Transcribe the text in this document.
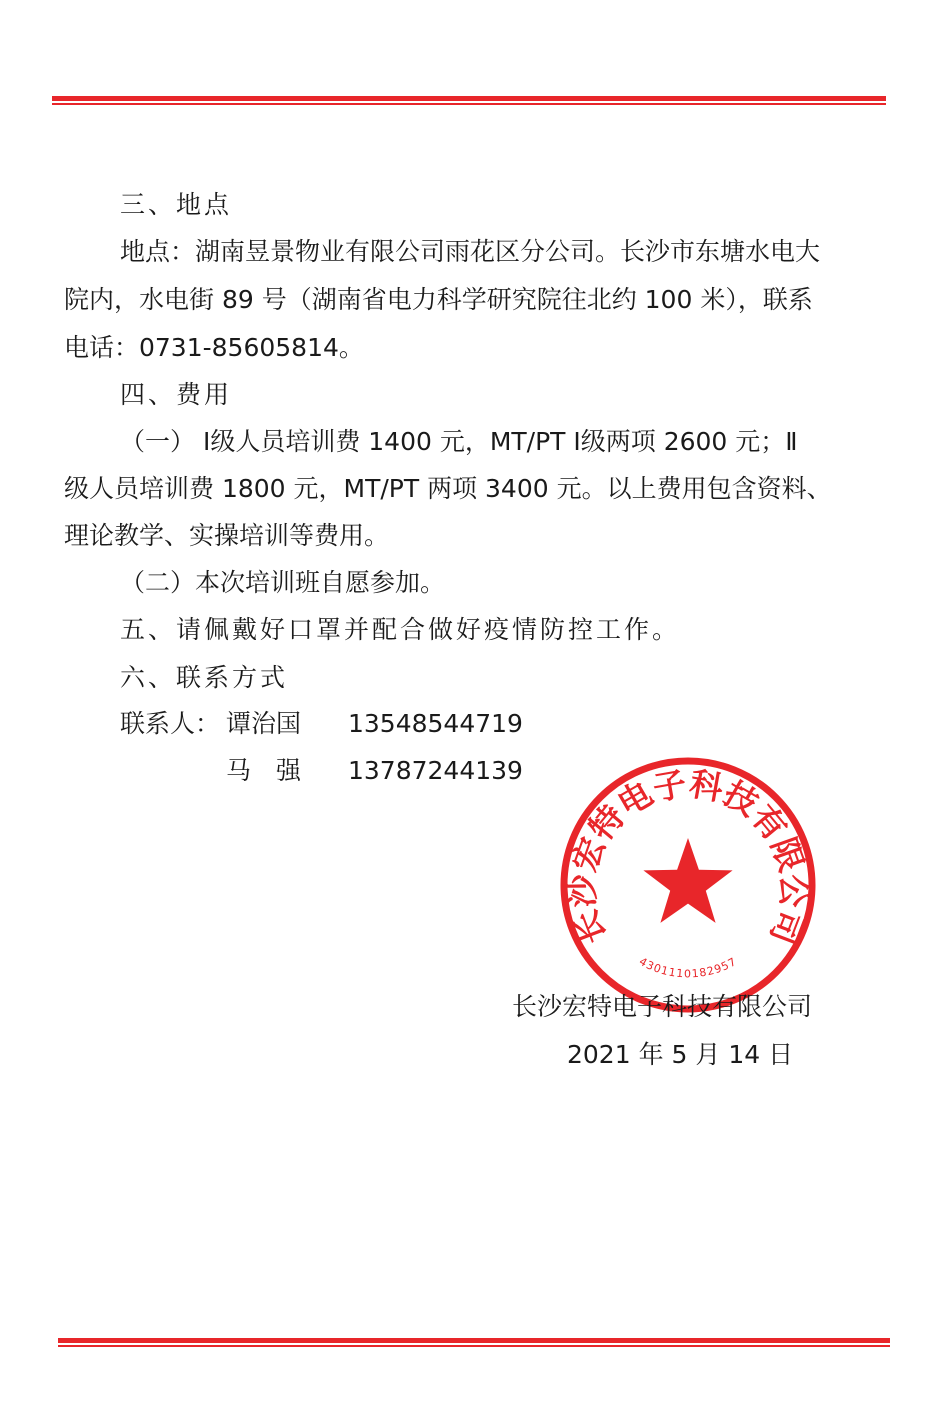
三、地点
地点：湖南昱景物业有限公司雨花区分公司。长沙市东塘水电大
院内，水电街 89 号（湖南省电力科学研究院往北约 100 米），联系
电话：0731-85605814。
四、费用
（一） Ⅰ级人员培训费 1400 元，MT/PT Ⅰ级两项 2600 元；Ⅱ
级人员培训费 1800 元，MT/PT 两项 3400 元。以上费用包含资料、
理论教学、实操培训等费用。
（二）本次培训班自愿参加。
五、请佩戴好口罩并配合做好疫情防控工作。
六、联系方式
联系人： 谭治国 13548544719
马　强 13787244139
长沙宏特电子科技有限公司
4301110182957
长沙宏特电子科技有限公司
2021 年 5 月 14 日
